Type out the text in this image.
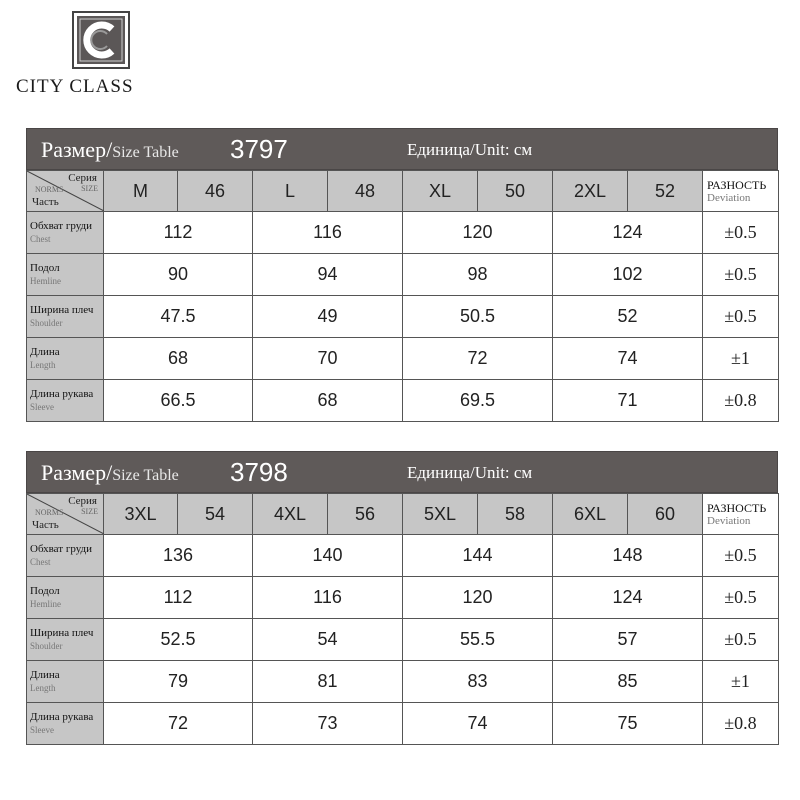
CITY CLASS
Размер/Size Table 3797	Единица/Unit: см
Серия
NORMS SIZE
Часть	M	46	L	48	XL	50	2XL	52	РАЗНОСТЬ
Deviation

Обхват груди
Chest	112		116		120		124		±0.5

Подол
Hemline	90		94		98		102		±0.5

Ширина плеч
Shoulder	47.5		49		50.5		52		±0.5

Длина
Length	68		70		72		74		±1

Длина рукава
Sleeve	66.5		68		69.5		71		±0.8
Размер/Size Table 3798	Единица/Unit: см
Серия
NORMS SIZE
Часть	3XL	54	4XL	56	5XL	58	6XL	60	РАЗНОСТЬ
Deviation

Обхват груди
Chest	136		140		144		148		±0.5

Подол
Hemline	112		116		120		124		±0.5

Ширина плеч
Shoulder	52.5		54		55.5		57		±0.5

Длина
Length	79		81		83		85		±1

Длина рукава
Sleeve	72		73		74		75		±0.8
